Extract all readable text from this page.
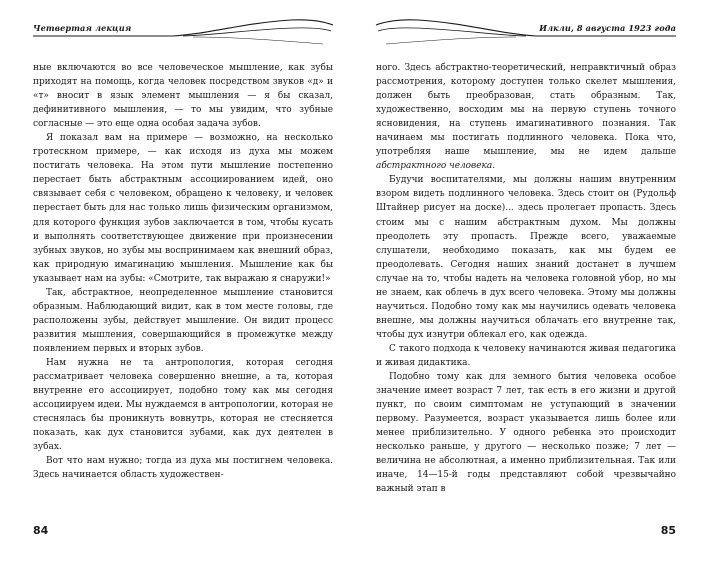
Четвертая лекция

ные включаются во все человеческое мышление, как зубы приходят на помощь, когда человек посредством звуков «д» и «т» вносит в язык элемент мышления — я бы сказал, дефинитивного мышления, — то мы увидим, что зубные согласные — это еще одна особая задача зубов.

Я показал вам на примере — возможно, на несколько гротескном примере, — как исходя из духа мы можем постигать человека. На этом пути мышление постепенно перестает быть абстрактным ассоциированием идей, оно связывает себя с человеком, обращено к человеку, и человек перестает быть для нас только лишь физическим организмом, для которого функция зубов заключается в том, чтобы кусать и выполнять соответствующее движение при произнесении зубных звуков, но зубы мы воспринимаем как внешний образ, как природную имагинацию мышления. Мышление как бы указывает нам на зубы: «Смотрите, так выражаю я снаружи!»

Так, абстрактное, неопределенное мышление становится образным. Наблюдающий видит, как в том месте головы, где расположены зубы, действует мышление. Он видит процесс развития мышления, совершающийся в промежутке между появлением первых и вторых зубов.

Нам нужна не та антропология, которая сегодня рассматривает человека совершенно внешне, а та, которая внутренне его ассоциирует, подобно тому как мы сегодня ассоциируем идеи. Мы нуждаемся в антропологии, которая не стеснялась бы проникнуть вовнутрь, которая не стесняется показать, как дух становится зубами, как дух деятелен в зубах.

Вот что нам нужно; тогда из духа мы постигнем человека. Здесь начинается область художествен-

84
Илкли, 8 августа 1923 года

ного. Здесь абстрактно-теоретический, неправктичный образ рассмотрения, которому доступен только скелет мышления, должен быть преобразован, стать образным. Так, художественно, восходим мы на первую ступень точного ясновидения, на ступень имагинативного познания. Так начинаем мы постигать подлинного человека. Пока что, употребляя наше мышление, мы не идем дальше абстрактного человека.

Будучи воспитателями, мы должны нашим внутренним взором видеть подлинного человека. Здесь стоит он (Рудольф Штайнер рисует на доске)... здесь пролегает пропасть. Здесь стоим мы с нашим абстрактным духом. Мы должны преодолеть эту пропасть. Прежде всего, уважаемые слушатели, необходимо показать, как мы будем ее преодолевать. Сегодня наших знаний достанет в лучшем случае на то, чтобы надеть на человека головной убор, но мы не знаем, как облечь в дух всего человека. Этому мы должны научиться. Подобно тому как мы научились одевать человека внешне, мы должны научиться облачать его внутренне так, чтобы дух изнутри облекал его, как одежда.

С такого подхода к человеку начинаются живая педагогика и живая дидактика.

Подобно тому как для земного бытия человека особое значение имеет возраст 7 лет, так есть в его жизни и другой пункт, по своим симптомам не уступающий в значении первому. Разумеется, возраст указывается лишь более или менее приблизительно. У одного ребенка это происходит несколько раньше, у другого — несколько позже; 7 лет — величина не абсолютная, а именно приблизительная. Так или иначе, 14—15-й годы представляют собой чрезвычайно важный этап в

85
